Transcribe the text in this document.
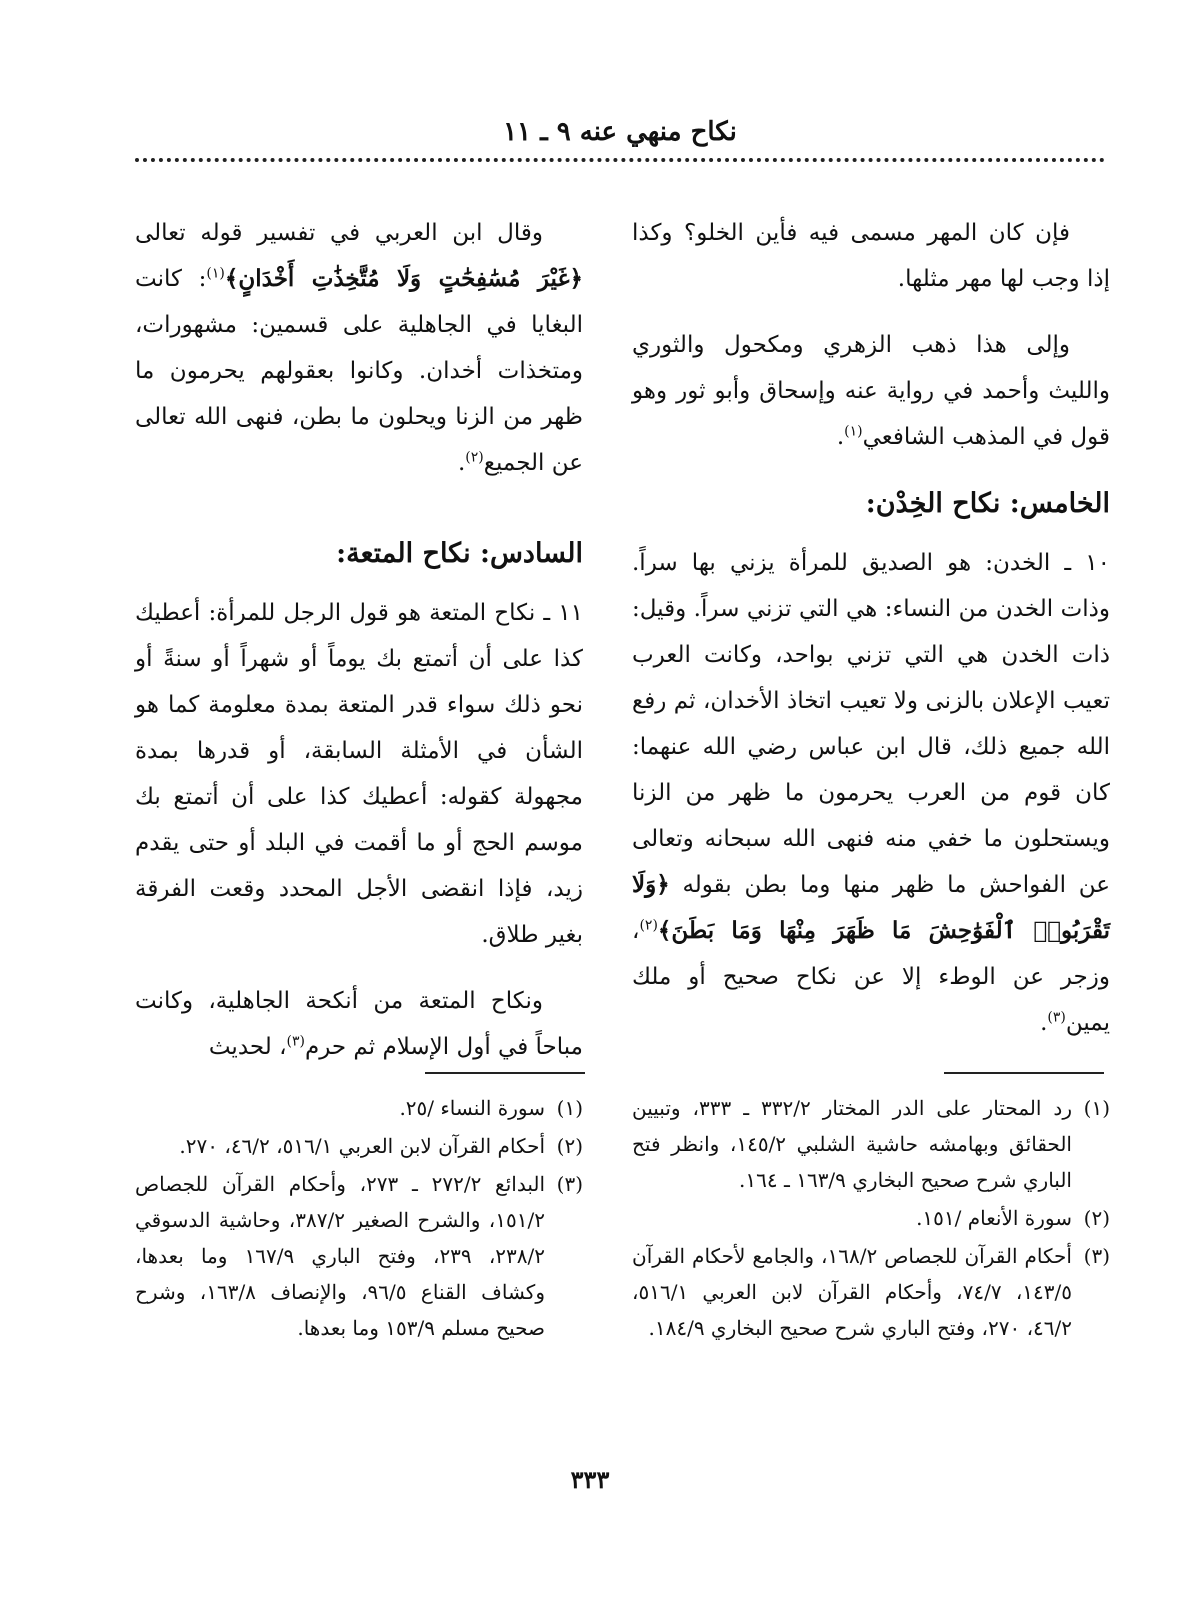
نكاح منهي عنه ٩ ـ ١١

فإن كان المهر مسمى فيه فأين الخلو؟ وكذا إذا وجب لها مهر مثلها.

وإلى هذا ذهب الزهري ومكحول والثوري والليث وأحمد في رواية عنه وإسحاق وأبو ثور وهو قول في المذهب الشافعي$^{(١)}$.

الخامس: نكاح الخِدْن:

١٠ ـ الخدن: هو الصديق للمرأة يزني بها سراً. وذات الخدن من النساء: هي التي تزني سراً. وقيل: ذات الخدن هي التي تزني بواحد، وكانت العرب تعيب الإعلان بالزنى ولا تعيب اتخاذ الأخدان، ثم رفع الله جميع ذلك، قال ابن عباس رضي الله عنهما: كان قوم من العرب يحرمون ما ظهر من الزنا ويستحلون ما خفي منه فنهى الله سبحانه وتعالى عن الفواحش ما ظهر منها وما بطن بقوله ﴿وَلَا تَقْرَبُوا۟ ٱلْفَوَٰحِشَ مَا ظَهَرَ مِنْهَا وَمَا بَطَنَ﴾$^{(٢)}$، وزجر عن الوطء إلا عن نكاح صحيح أو ملك يمين$^{(٣)}$.

وقال ابن العربي في تفسير قوله تعالى ﴿غَيْرَ مُسَٰفِحَٰتٍ وَلَا مُتَّخِذَٰتِ أَخْدَانٍ﴾$^{(١)}$: كانت البغايا في الجاهلية على قسمين: مشهورات، ومتخذات أخدان. وكانوا بعقولهم يحرمون ما ظهر من الزنا ويحلون ما بطن، فنهى الله تعالى عن الجميع$^{(٢)}$.

السادس: نكاح المتعة:

١١ ـ نكاح المتعة هو قول الرجل للمرأة: أعطيك كذا على أن أتمتع بك يوماً أو شهراً أو سنةً أو نحو ذلك سواء قدر المتعة بمدة معلومة كما هو الشأن في الأمثلة السابقة، أو قدرها بمدة مجهولة كقوله: أعطيك كذا على أن أتمتع بك موسم الحج أو ما أقمت في البلد أو حتى يقدم زيد، فإذا انقضى الأجل المحدد وقعت الفرقة بغير طلاق.

ونكاح المتعة من أنكحة الجاهلية، وكانت مباحاً في أول الإسلام ثم حرم$^{(٣)}$، لحديث

(١)
رد المحتار على الدر المختار ٣٣٢/٢ ـ ٣٣٣، وتبيين الحقائق وبهامشه حاشية الشلبي ١٤٥/٢، وانظر فتح الباري شرح صحيح البخاري ١٦٣/٩ ـ ١٦٤.
(٢)
سورة الأنعام /١٥١.
(٣)
أحكام القرآن للجصاص ١٦٨/٢، والجامع لأحكام القرآن ١٤٣/٥، ٧٤/٧، وأحكام القرآن لابن العربي ٥١٦/١، ٤٦/٢، ٢٧٠، وفتح الباري شرح صحيح البخاري ١٨٤/٩.
(١)
سورة النساء /٢٥.
(٢)
أحكام القرآن لابن العربي ٥١٦/١، ٤٦/٢، ٢٧٠.
(٣)
البدائع ٢٧٢/٢ ـ ٢٧٣، وأحكام القرآن للجصاص ١٥١/٢، والشرح الصغير ٣٨٧/٢، وحاشية الدسوقي ٢٣٨/٢، ٢٣٩، وفتح الباري ١٦٧/٩ وما بعدها، وكشاف القناع ٩٦/٥، والإنصاف ١٦٣/٨، وشرح صحيح مسلم ١٥٣/٩ وما بعدها.
٣٣٣
